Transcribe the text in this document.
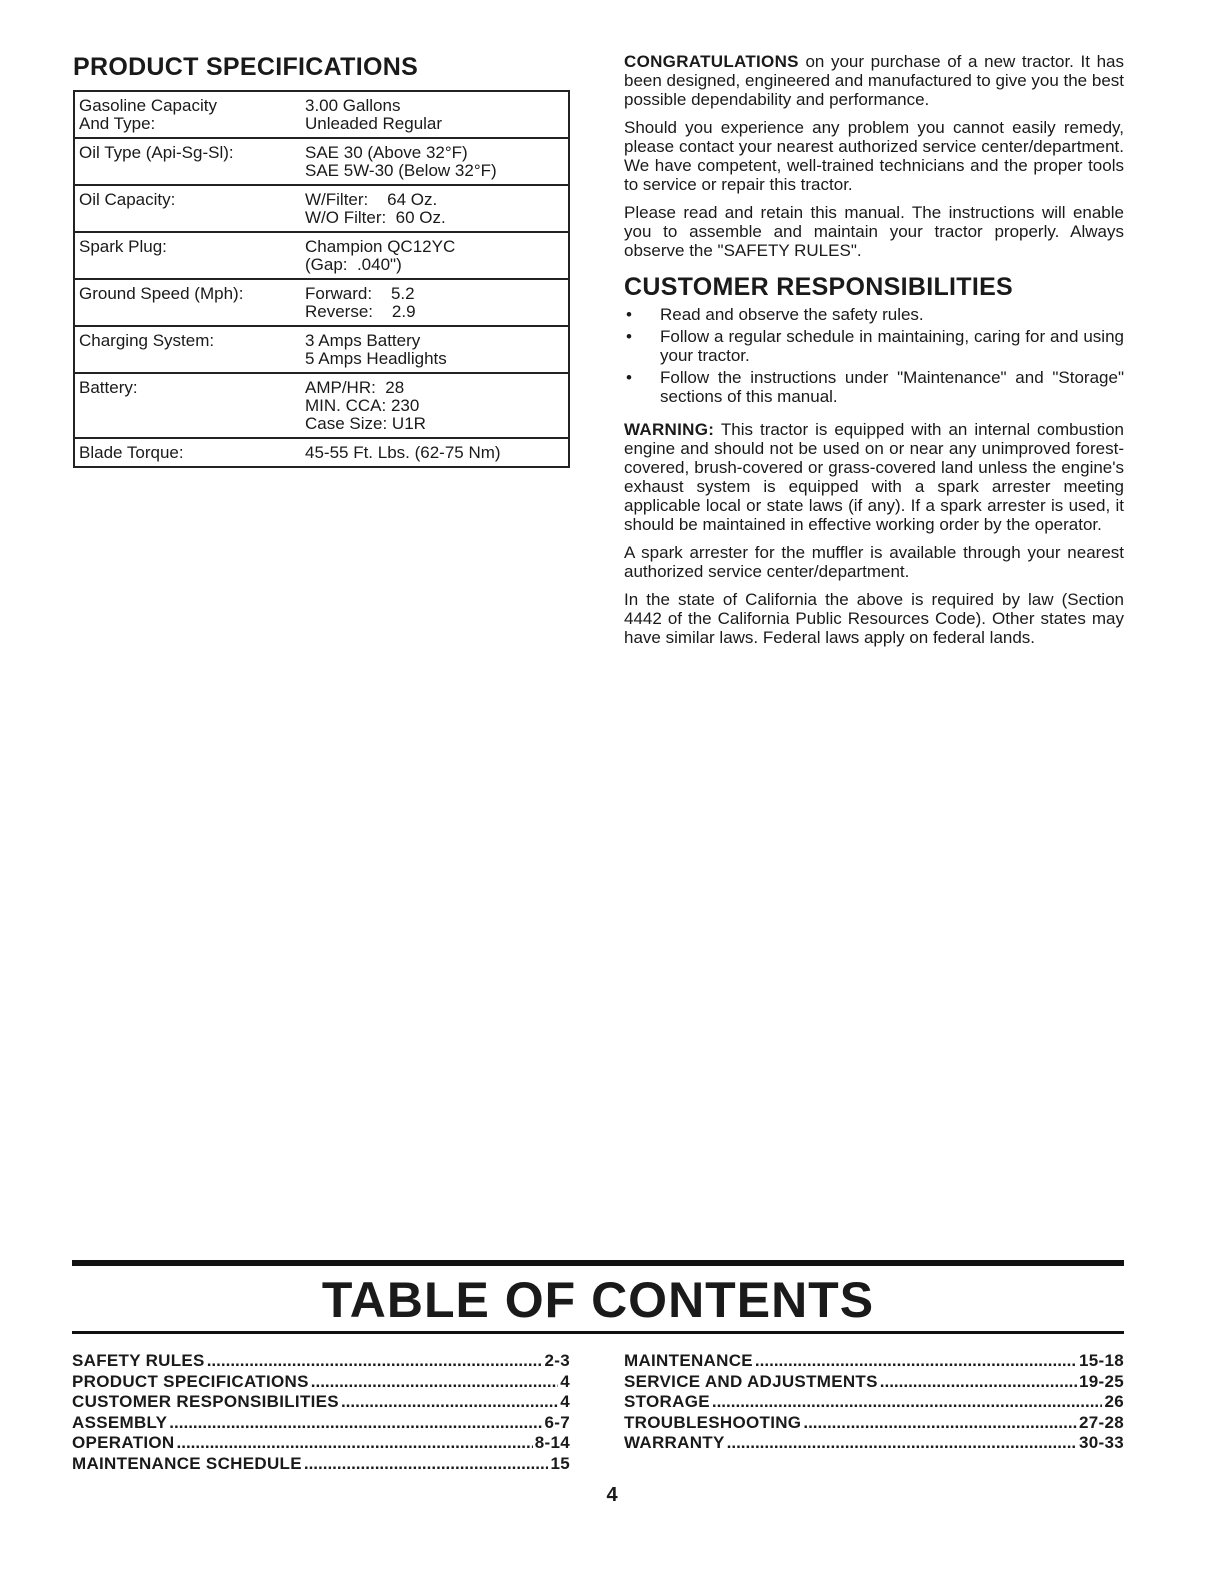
PRODUCT SPECIFICATIONS
Gasoline Capacity
And Type:	3.00 Gallons
Unleaded Regular

Oil Type (Api-Sg-Sl):	SAE 30 (Above 32°F)
SAE 5W-30 (Below 32°F)

Oil Capacity:	W/Filter:    64 Oz.
W/O Filter:  60 Oz.

Spark Plug:	Champion QC12YC
(Gap:  .040")

Ground Speed (Mph):	Forward:    5.2
Reverse:    2.9

Charging System:	3 Amps Battery
5 Amps Headlights

Battery:	AMP/HR:  28
MIN. CCA: 230
Case Size: U1R

Blade Torque:	45-55 Ft. Lbs. (62-75 Nm)

CONGRATULATIONS on your purchase of a new tractor. It has been designed, engineered and manufactured to give you the best possible dependability and performance.

Should you experience any problem you cannot easily remedy, please contact your nearest authorized service center/department. We have competent, well-trained technicians and the proper tools to service or repair this tractor.

Please read and retain this manual. The instructions will enable you to assemble and maintain your tractor properly. Always observe the "SAFETY RULES".

CUSTOMER RESPONSIBILITIES
• Read and observe the safety rules.
• Follow a regular schedule in maintaining, caring for and using your tractor.
• Follow the instructions under "Maintenance" and "Storage" sections of this manual.

WARNING: This tractor is equipped with an internal combustion engine and should not be used on or near any unimproved forest-covered, brush-covered or grass-covered land unless the engine's exhaust system is equipped with a spark arrester meeting applicable local or state laws (if any). If a spark arrester is used, it should be maintained in effective working order by the operator.

A spark arrester for the muffler is available through your nearest authorized service center/department.

In the state of California the above is required by law (Section 4442 of the California Public Resources Code). Other states may have similar laws. Federal laws apply on federal lands.

TABLE OF CONTENTS
SAFETY RULES .....	2-3
PRODUCT SPECIFICATIONS .....	4
CUSTOMER RESPONSIBILITIES .....	4
ASSEMBLY .....	6-7
OPERATION .....	8-14
MAINTENANCE SCHEDULE .....	15
MAINTENANCE .....	15-18
SERVICE AND ADJUSTMENTS .....	19-25
STORAGE .....	26
TROUBLESHOOTING .....	27-28
WARRANTY .....	30-33
4
